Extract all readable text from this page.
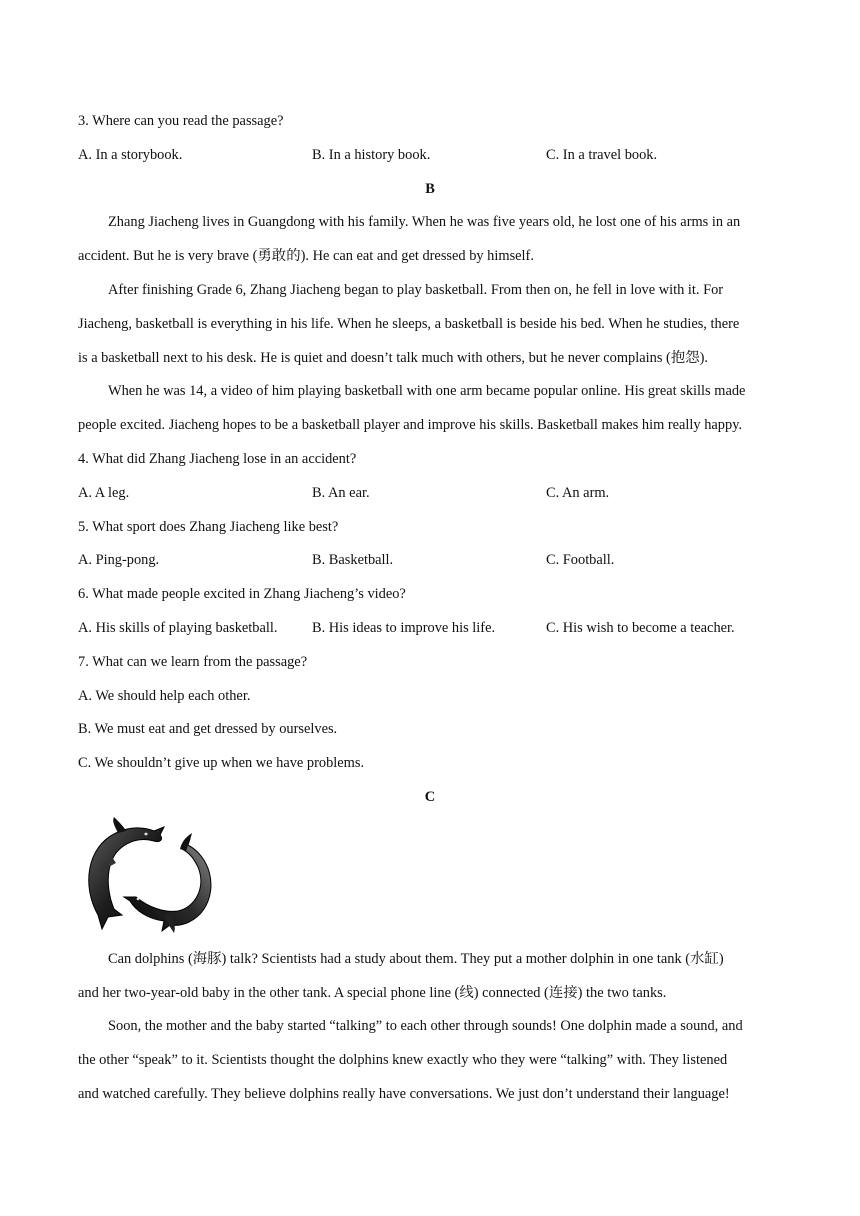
3. Where can you read the passage?
A. In a storybook.	B. In a history book.	C. In a travel book.
B
Zhang Jiacheng lives in Guangdong with his family. When he was five years old, he lost one of his arms in an
accident. But he is very brave (勇敢的). He can eat and get dressed by himself.
After finishing Grade 6, Zhang Jiacheng began to play basketball. From then on, he fell in love with it. For
Jiacheng, basketball is everything in his life. When he sleeps, a basketball is beside his bed. When he studies, there
is a basketball next to his desk. He is quiet and doesn’t talk much with others, but he never complains (抱怨).
When he was 14, a video of him playing basketball with one arm became popular online. His great skills made
people excited. Jiacheng hopes to be a basketball player and improve his skills. Basketball makes him really happy.
4. What did Zhang Jiacheng lose in an accident?
A. A leg.	B. An ear.	C. An arm.
5. What sport does Zhang Jiacheng like best?
A. Ping-pong.	B. Basketball.	C. Football.
6. What made people excited in Zhang Jiacheng’s video?
A. His skills of playing basketball.	B. His ideas to improve his life.	C. His wish to become a teacher.
7. What can we learn from the passage?
A. We should help each other.
B. We must eat and get dressed by ourselves.
C. We shouldn’t give up when we have problems.
C
Can dolphins (海豚) talk? Scientists had a study about them. They put a mother dolphin in one tank (水缸)
and her two-year-old baby in the other tank. A special phone line (线) connected (连接) the two tanks.
Soon, the mother and the baby started “talking” to each other through sounds! One dolphin made a sound, and
the other “speak” to it. Scientists thought the dolphins knew exactly who they were “talking” with. They listened
and watched carefully. They believe dolphins really have conversations. We just don’t understand their language!
